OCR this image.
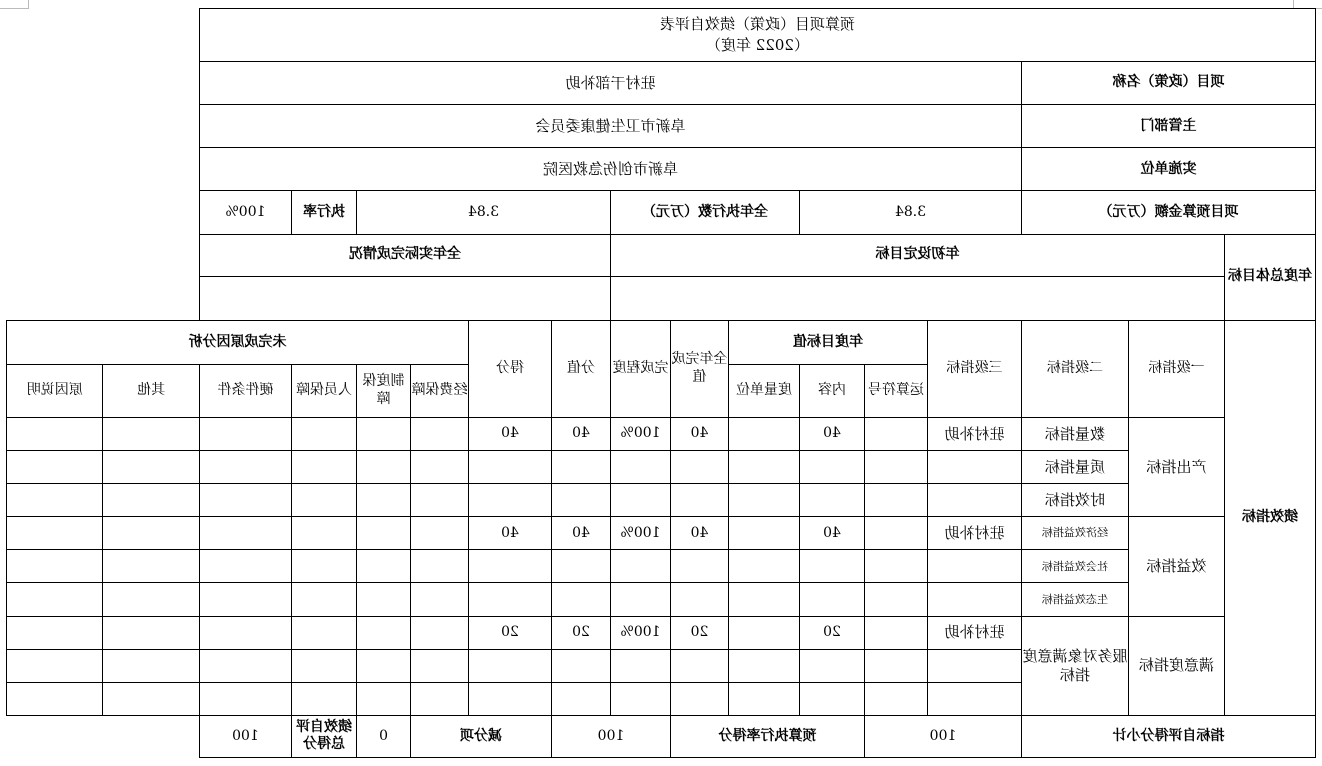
预算项目（政策）绩效自评表
（2022 年度）																

项目（政策）名称			驻村干部补助													
主管部门			阜新市卫生健康委员会													
实施单位			阜新市创伤急救医院													
项目预算金额（万元）			3.84			全年执行数（万元）			3.84				执行率	100%		
年度总体目标	年初设定目标								全年实际完成情况							

绩效指标	一级指标	二级指标	三级指标	年度目标值			全年完成值	完成程度	分值	得分	未完成原因分析					
				运算符号	内容	度量单位					经费保障	制度保障	人员保障	硬件条件	其他	原因说明
	产出指标	数量指标	驻村补助		40		40	100%	40	40						
		质量指标														
		时效指标														
	效益指标	经济效益指标	驻村补助		40		40	100%	40	40						
		社会效益指标														
		生态效益指标														
	满意度指标	服务对象满意度指标	驻村补助		20		20	100%	20	20						

指标自评得分小计			100		预算执行率得分			100		减分项		0	绩效自评总得分	100		
